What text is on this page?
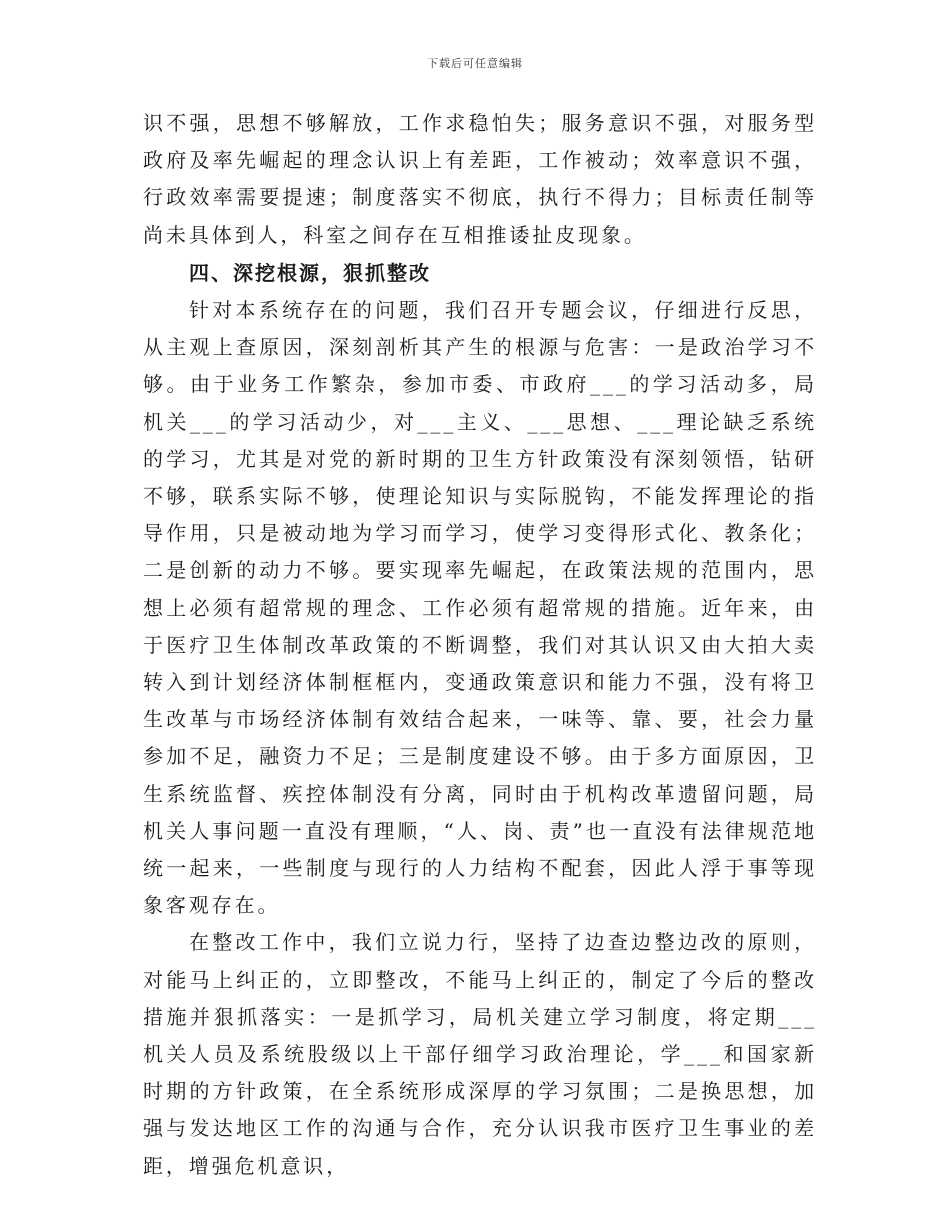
下载后可任意编辑

识不强，思想不够解放，工作求稳怕失；服务意识不强，对服务型政府及率先崛起的理念认识上有差距，工作被动；效率意识不强，行政效率需要提速；制度落实不彻底，执行不得力；目标责任制等尚未具体到人，科室之间存在互相推诿扯皮现象。

四、深挖根源，狠抓整改

针对本系统存在的问题，我们召开专题会议，仔细进行反思，从主观上查原因，深刻剖析其产生的根源与危害：一是政治学习不够。由于业务工作繁杂，参加市委、市政府___的学习活动多，局机关___的学习活动少，对___主义、___思想、___理论缺乏系统的学习，尤其是对党的新时期的卫生方针政策没有深刻领悟，钻研不够，联系实际不够，使理论知识与实际脱钩，不能发挥理论的指导作用，只是被动地为学习而学习，使学习变得形式化、教条化；二是创新的动力不够。要实现率先崛起，在政策法规的范围内，思想上必须有超常规的理念、工作必须有超常规的措施。近年来，由于医疗卫生体制改革政策的不断调整，我们对其认识又由大拍大卖转入到计划经济体制框框内，变通政策意识和能力不强，没有将卫生改革与市场经济体制有效结合起来，一味等、靠、要，社会力量参加不足，融资力不足；三是制度建设不够。由于多方面原因，卫生系统监督、疾控体制没有分离，同时由于机构改革遗留问题，局机关人事问题一直没有理顺，“人、岗、责”也一直没有法律规范地统一起来，一些制度与现行的人力结构不配套，因此人浮于事等现象客观存在。

在整改工作中，我们立说力行，坚持了边查边整边改的原则，对能马上纠正的，立即整改，不能马上纠正的，制定了今后的整改措施并狠抓落实：一是抓学习，局机关建立学习制度，将定期___机关人员及系统股级以上干部仔细学习政治理论，学___和国家新时期的方针政策，在全系统形成深厚的学习氛围；二是换思想，加强与发达地区工作的沟通与合作，充分认识我市医疗卫生事业的差距，增强危机意识，
